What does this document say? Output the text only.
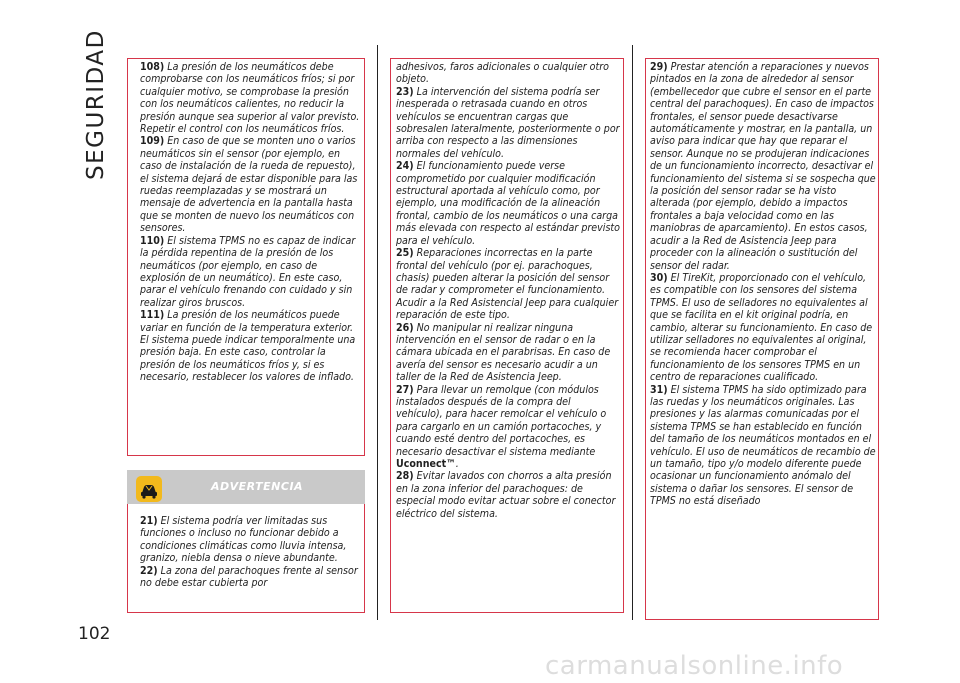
SEGURIDAD
102

108) La presión de los neumáticos debe comprobarse con los neumáticos fríos; si por cualquier motivo, se comprobase la presión con los neumáticos calientes, no reducir la presión aunque sea superior al valor previsto. Repetir el control con los neumáticos fríos.

109) En caso de que se monten uno o varios neumáticos sin el sensor (por ejemplo, en caso de instalación de la rueda de repuesto), el sistema dejará de estar disponible para las ruedas reemplazadas y se mostrará un mensaje de advertencia en la pantalla hasta que se monten de nuevo los neumáticos con sensores.

110) El sistema TPMS no es capaz de indicar la pérdida repentina de la presión de los neumáticos (por ejemplo, en caso de explosión de un neumático). En este caso, parar el vehículo frenando con cuidado y sin realizar giros bruscos.

111) La presión de los neumáticos puede variar en función de la temperatura exterior. El sistema puede indicar temporalmente una presión baja. En este caso, controlar la presión de los neumáticos fríos y, si es necesario, restablecer los valores de inflado.

ADVERTENCIA

21) El sistema podría ver limitadas sus funciones o incluso no funcionar debido a condiciones climáticas como lluvia intensa, granizo, niebla densa o nieve abundante.

22) La zona del parachoques frente al sensor no debe estar cubierta por

adhesivos, faros adicionales o cualquier otro objeto.

23) La intervención del sistema podría ser inesperada o retrasada cuando en otros vehículos se encuentran cargas que sobresalen lateralmente, posteriormente o por arriba con respecto a las dimensiones normales del vehículo.

24) El funcionamiento puede verse comprometido por cualquier modificación estructural aportada al vehículo como, por ejemplo, una modificación de la alineación frontal, cambio de los neumáticos o una carga más elevada con respecto al estándar previsto para el vehículo.

25) Reparaciones incorrectas en la parte frontal del vehículo (por ej. parachoques, chasis) pueden alterar la posición del sensor de radar y comprometer el funcionamiento. Acudir a la Red Asistencial Jeep para cualquier reparación de este tipo.

26) No manipular ni realizar ninguna intervención en el sensor de radar o en la cámara ubicada en el parabrisas. En caso de avería del sensor es necesario acudir a un taller de la Red de Asistencia Jeep.

27) Para llevar un remolque (con módulos instalados después de la compra del vehículo), para hacer remolcar el vehículo o para cargarlo en un camión portacoches, y cuando esté dentro del portacoches, es necesario desactivar el sistema mediante Uconnect™.

28) Evitar lavados con chorros a alta presión en la zona inferior del parachoques: de especial modo evitar actuar sobre el conector eléctrico del sistema.

29) Prestar atención a reparaciones y nuevos pintados en la zona de alrededor al sensor (embellecedor que cubre el sensor en el parte central del parachoques). En caso de impactos frontales, el sensor puede desactivarse automáticamente y mostrar, en la pantalla, un aviso para indicar que hay que reparar el sensor. Aunque no se produjeran indicaciones de un funcionamiento incorrecto, desactivar el funcionamiento del sistema si se sospecha que la posición del sensor radar se ha visto alterada (por ejemplo, debido a impactos frontales a baja velocidad como en las maniobras de aparcamiento). En estos casos, acudir a la Red de Asistencia Jeep para proceder con la alineación o sustitución del sensor del radar.

30) El TireKit, proporcionado con el vehículo, es compatible con los sensores del sistema TPMS. El uso de selladores no equivalentes al que se facilita en el kit original podría, en cambio, alterar su funcionamiento. En caso de utilizar selladores no equivalentes al original, se recomienda hacer comprobar el funcionamiento de los sensores TPMS en un centro de reparaciones cualificado.

31) El sistema TPMS ha sido optimizado para las ruedas y los neumáticos originales. Las presiones y las alarmas comunicadas por el sistema TPMS se han establecido en función del tamaño de los neumáticos montados en el vehículo. El uso de neumáticos de recambio de un tamaño, tipo y/o modelo diferente puede ocasionar un funcionamiento anómalo del sistema o dañar los sensores. El sensor de TPMS no está diseñado

carmanualsonline.info
